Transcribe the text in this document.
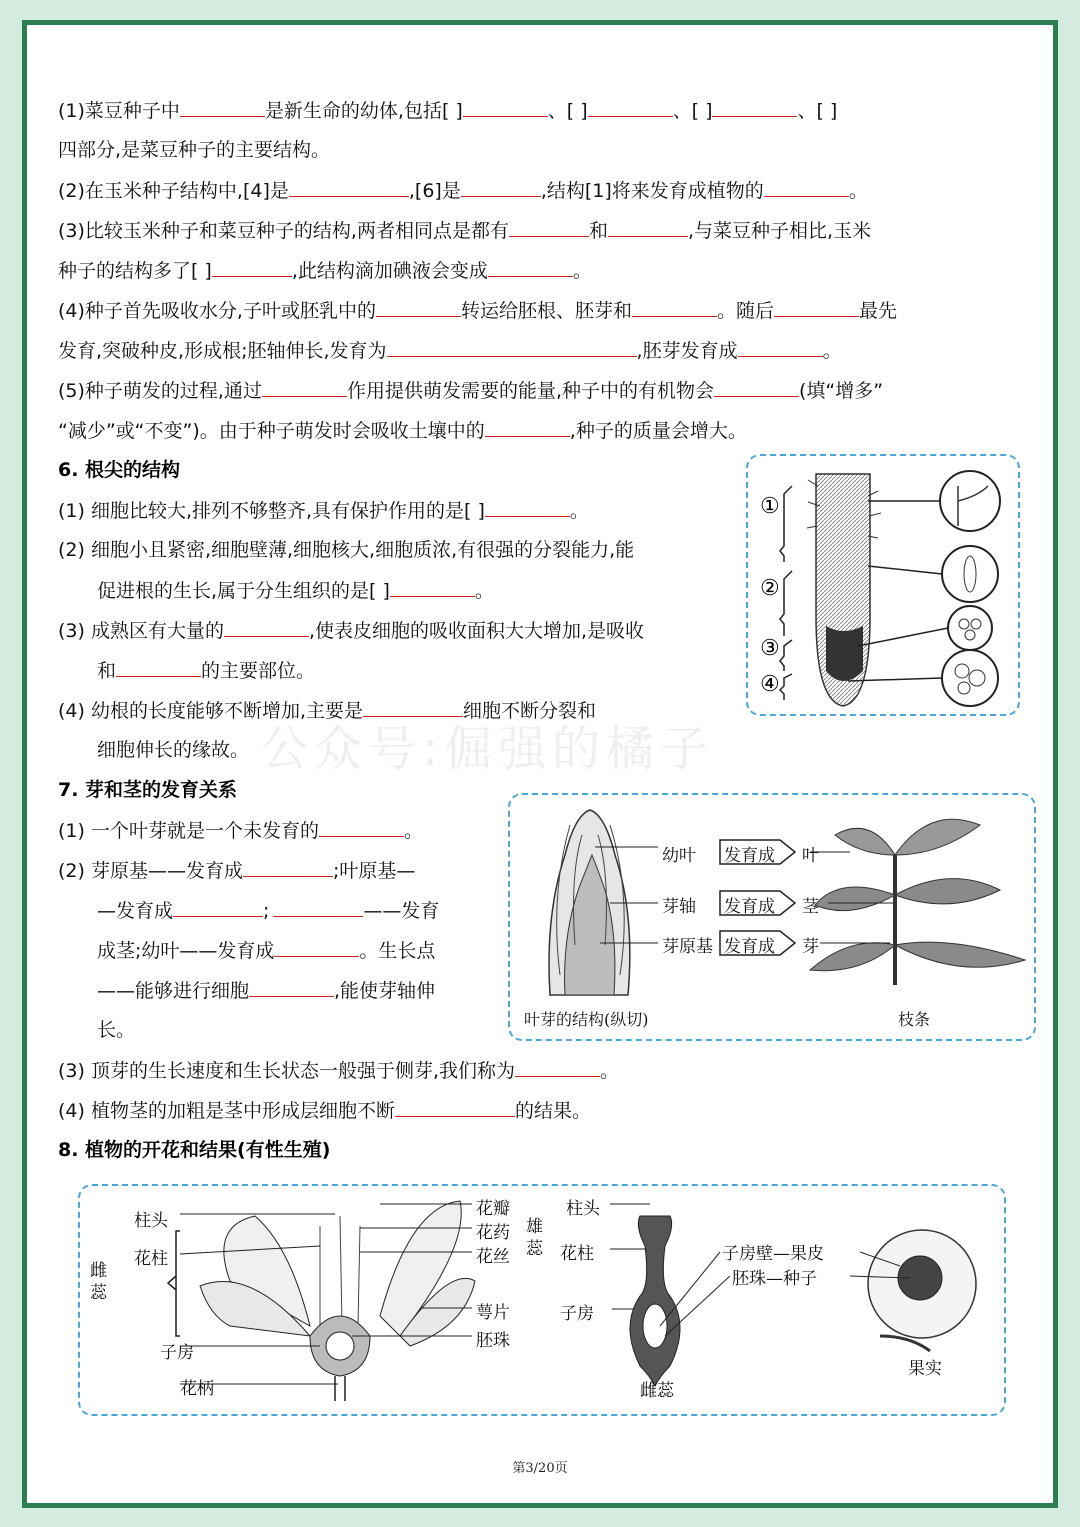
(1)菜豆种子中	是新生命的幼体,包括[ ]	、[ ]	、[ ]	、[ ]
四部分,是菜豆种子的主要结构。
(2)在玉米种子结构中,[4]是	,[6]是	,结构[1]将来发育成植物的	。
(3)比较玉米种子和菜豆种子的结构,两者相同点是都有	和	,与菜豆种子相比,玉米
种子的结构多了[ ]	,此结构滴加碘液会变成	。
(4)种子首先吸收水分,子叶或胚乳中的	转运给胚根、胚芽和	。随后	最先
发育,突破种皮,形成根;胚轴伸长,发育为	,胚芽发育成	。
(5)种子萌发的过程,通过	作用提供萌发需要的能量,种子中的有机物会	(填“增多”
“减少”或“不变”)。由于种子萌发时会吸收土壤中的	,种子的质量会增大。
6. 根尖的结构
(1) 细胞比较大,排列不够整齐,具有保护作用的是[ ]	。
(2) 细胞小且紧密,细胞壁薄,细胞核大,细胞质浓,有很强的分裂能力,能
促进根的生长,属于分生组织的是[ ]	。
(3) 成熟区有大量的	,使表皮细胞的吸收面积大大增加,是吸收
和	的主要部位。
(4) 幼根的长度能够不断增加,主要是	细胞不断分裂和
细胞伸长的缘故。 公众号:倔强的橘子
①
②
③
④
7. 芽和茎的发育关系
(1) 一个叶芽就是一个未发育的	。
(2) 芽原基——发育成	;叶原基—
—发育成	;	——发育
成茎;幼叶——发育成	。生长点
——能够进行细胞	,能使芽轴伸
长。
幼叶
芽轴
芽原基
发育成
发育成
发育成
叶
茎
芽
叶芽的结构(纵切)	枝条
(3) 顶芽的生长速度和生长状态一般强于侧芽,我们称为	。
(4) 植物茎的加粗是茎中形成层细胞不断	的结果。
8. 植物的开花和结果(有性生殖)
柱头
花柱
雌蕊
子房
花柄
花瓣
花药
花丝
雄蕊
萼片
胚珠
柱头
花柱
子房
雌蕊
子房壁—果皮
胚珠—种子
果实
第3/20页
